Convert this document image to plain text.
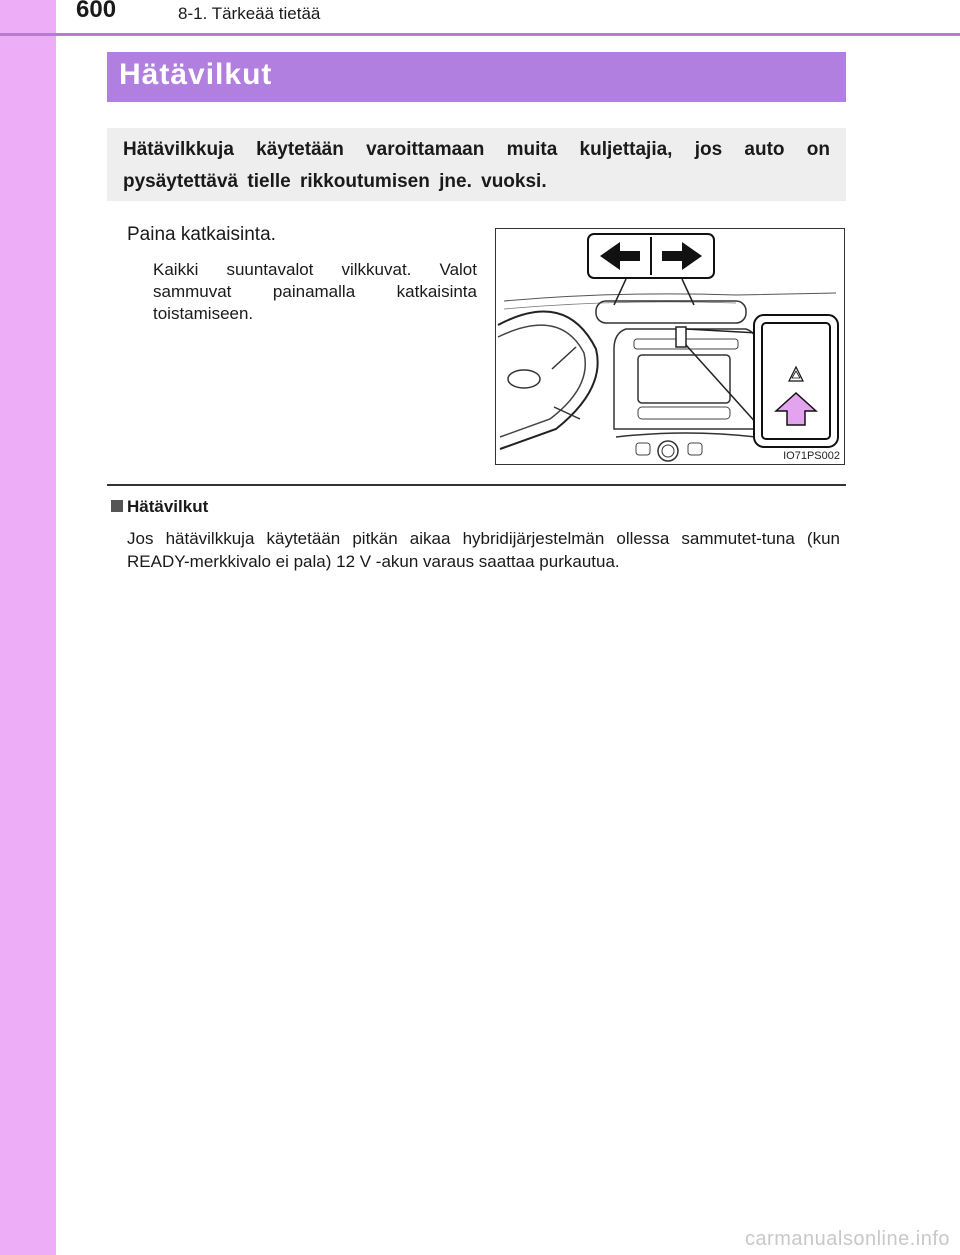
600	8-1. Tärkeää tietää
Hätävilkut
Hätävilkkuja käytetään varoittamaan muita kuljettajia, jos auto on pysäytettävä tielle rikkoutumisen jne. vuoksi.
Paina katkaisinta.
Kaikki suuntavalot vilkkuvat. Valot sammuvat painamalla katkaisinta toistamiseen.
IO71PS002
Hätävilkut
Jos hätävilkkuja käytetään pitkän aikaa hybridijärjestelmän ollessa sammutet-tuna (kun READY-merkkivalo ei pala) 12 V -akun varaus saattaa purkautua.
carmanualsonline.info
